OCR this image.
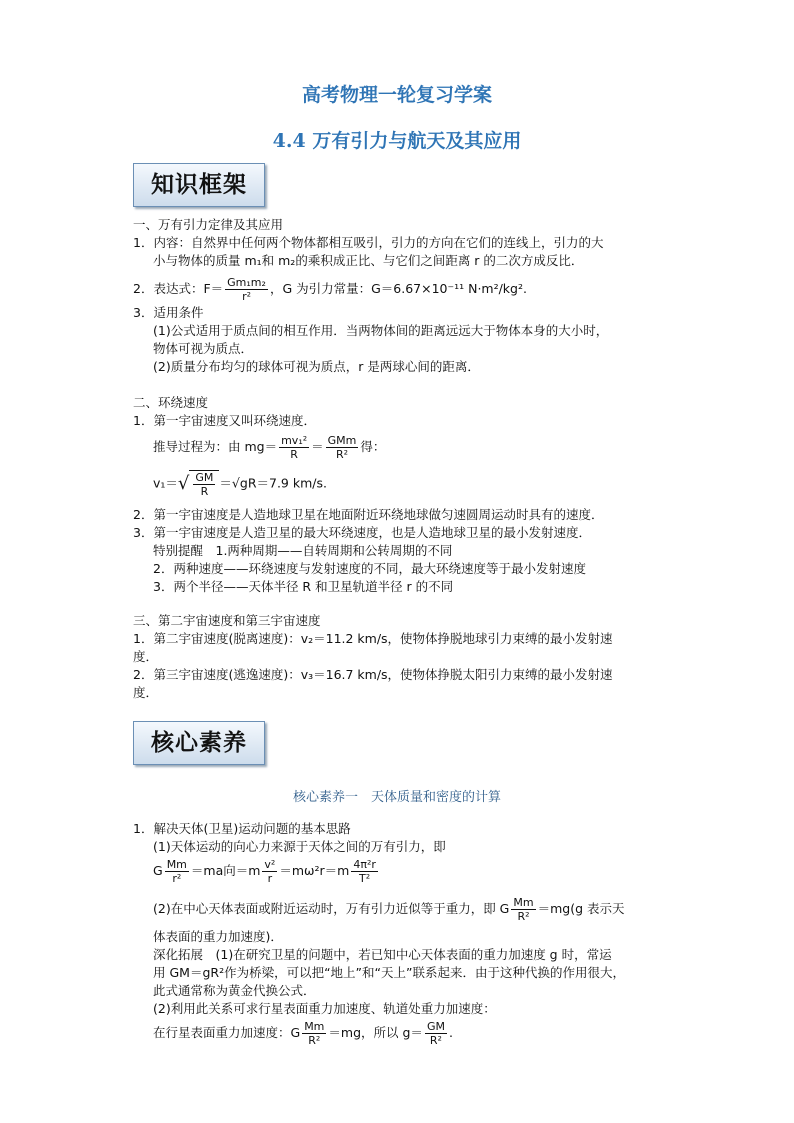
高考物理一轮复习学案
4.4 万有引力与航天及其应用
知识框架
一、万有引力定律及其应用
1．内容：自然界中任何两个物体都相互吸引，引力的方向在它们的连线上，引力的大
小与物体的质量 m₁和 m₂的乘积成正比、与它们之间距离 r 的二次方成反比．
2．表达式：$F= \frac{\text{Gm₁m₂}}{\text{r²}}$ ，G 为引力常量：G＝6.67×10⁻¹¹ N·m²/kg².
3．适用条件
(1)公式适用于质点间的相互作用．当两物体间的距离远远大于物体本身的大小时，
物体可视为质点．
(2)质量分布均匀的球体可视为质点，r 是两球心间的距离．
二、环绕速度
1．第一宇宙速度又叫环绕速度．
推导过程为：由 $mg= \frac{\text{mv₁²}}{R} = \frac{\text{GMm}}{\text{R²}}$ 得：
$v_1=√ \frac{GM}{R} =√gR=7.9$ km/s.
2．第一宇宙速度是人造地球卫星在地面附近环绕地球做匀速圆周运动时具有的速度．
3．第一宇宙速度是人造卫星的最大环绕速度，也是人造地球卫星的最小发射速度．
特别提醒　1.两种周期——自转周期和公转周期的不同
2．两种速度——环绕速度与发射速度的不同，最大环绕速度等于最小发射速度
3．两个半径——天体半径 R 和卫星轨道半径 r 的不同
三、第二宇宙速度和第三宇宙速度
1．第二宇宙速度(脱离速度)：v₂＝11.2 km/s，使物体挣脱地球引力束缚的最小发射速
度．
2．第三宇宙速度(逃逸速度)：v₃＝16.7 km/s，使物体挣脱太阳引力束缚的最小发射速
度．
核心素养
核心素养一　天体质量和密度的计算
1．解决天体(卫星)运动问题的基本思路
(1)天体运动的向心力来源于天体之间的万有引力，即
G $\frac{Mm}{\text{r²}} =ma$向$=m \frac{\text{v²}}{r} =m\omega^2r=m \frac{\text{4π²r}}{\text{T²}}$
(2)在中心天体表面或附近运动时，万有引力近似等于重力，即 G $\frac{Mm}{\text{R²}} =mg(g$ 表示天
体表面的重力加速度)．
深化拓展　(1)在研究卫星的问题中，若已知中心天体表面的重力加速度 g 时，常运
用 GM＝gR²作为桥梁，可以把“地上”和“天上”联系起来．由于这种代换的作用很大，
此式通常称为黄金代换公式．
(2)利用此关系可求行星表面重力加速度、轨道处重力加速度：
在行星表面重力加速度：G $\frac{Mm}{\text{R²}} =mg$，所以 $g= \frac{GM}{\text{R²}}$ .
